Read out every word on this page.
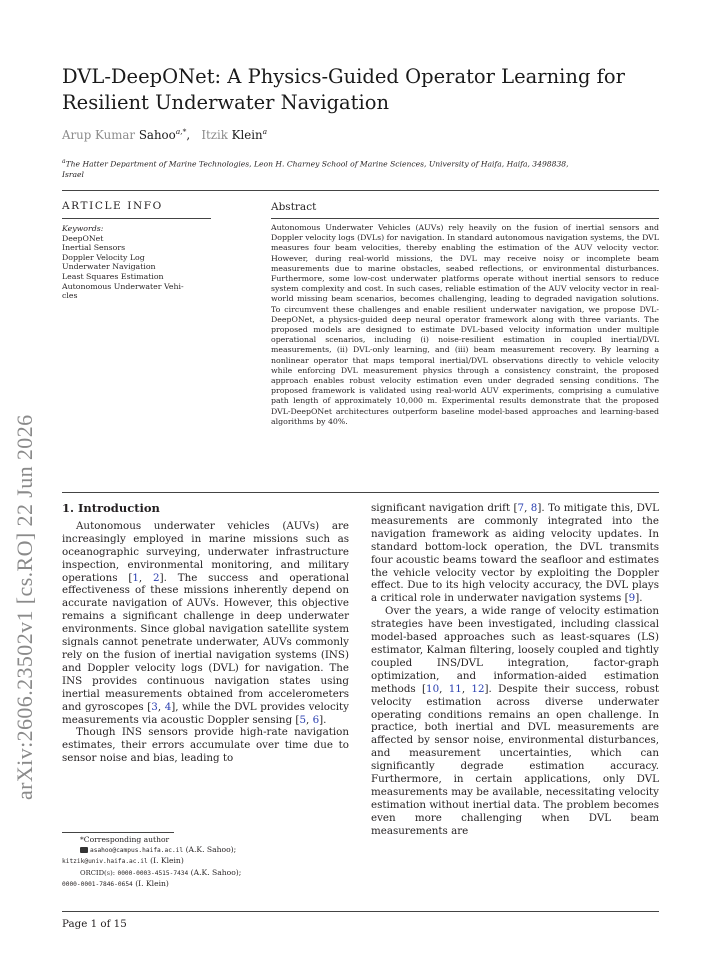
arXiv:2606.23502v1 [cs.RO] 22 Jun 2026
DVL-DeepONet: A Physics-Guided Operator Learning for Resilient Underwater Navigation
Arup Kumar Sahoo$^{a,*}$,   Itzik Klein$^a$
$^a$The Hatter Department of Marine Technologies, Leon H. Charney School of Marine Sciences, University of Haifa, Haifa, 3498838, Israel
ARTICLE INFO	Abstract
Keywords:
DeepONet
Inertial Sensors
Doppler Velocity Log
Underwater Navigation
Least Squares Estimation
Autonomous Underwater Vehi-
cles

Autonomous Underwater Vehicles (AUVs) rely heavily on the fusion of inertial sensors and Doppler velocity logs (DVLs) for navigation. In standard autonomous navigation systems, the DVL measures four beam velocities, thereby enabling the estimation of the AUV velocity vector. However, during real-world missions, the DVL may receive noisy or incomplete beam measurements due to marine obstacles, seabed reflections, or environmental disturbances. Furthermore, some low-cost underwater platforms operate without inertial sensors to reduce system complexity and cost. In such cases, reliable estimation of the AUV velocity vector in real-world missing beam scenarios, becomes challenging, leading to degraded navigation solutions. To circumvent these challenges and enable resilient underwater navigation, we propose DVL-DeepONet, a physics-guided deep neural operator framework along with three variants. The proposed models are designed to estimate DVL-based velocity information under multiple operational scenarios, including (i) noise-resilient estimation in coupled inertial/DVL measurements, (ii) DVL-only learning, and (iii) beam measurement recovery. By learning a nonlinear operator that maps temporal inertial/DVL observations directly to vehicle velocity while enforcing DVL measurement physics through a consistency constraint, the proposed approach enables robust velocity estimation even under degraded sensing conditions. The proposed framework is validated using real-world AUV experiments, comprising a cumulative path length of approximately 10,000 m. Experimental results demonstrate that the proposed DVL-DeepONet architectures outperform baseline model-based approaches and learning-based algorithms by 40%.

1. Introduction

Autonomous underwater vehicles (AUVs) are increasingly employed in marine missions such as oceanographic surveying, underwater infrastructure inspection, environmental monitoring, and military operations [1, 2]. The success and operational effectiveness of these missions inherently depend on accurate navigation of AUVs. However, this objective remains a significant challenge in deep underwater environments. Since global navigation satellite system signals cannot penetrate underwater, AUVs commonly rely on the fusion of inertial navigation systems (INS) and Doppler velocity logs (DVL) for navigation. The INS provides continuous navigation states using inertial measurements obtained from accelerometers and gyroscopes [3, 4], while the DVL provides velocity measurements via acoustic Doppler sensing [5, 6].

Though INS sensors provide high-rate navigation estimates, their errors accumulate over time due to sensor noise and bias, leading to

*Corresponding author
asahoo@campus.haifa.ac.il (A.K. Sahoo);
kitzik@univ.haifa.ac.il (I. Klein)
ORCID(s): 0000-0003-4515-7434 (A.K. Sahoo);
0000-0001-7846-0654 (I. Klein)

significant navigation drift [7, 8]. To mitigate this, DVL measurements are commonly integrated into the navigation framework as aiding velocity updates. In standard bottom-lock operation, the DVL transmits four acoustic beams toward the seafloor and estimates the vehicle velocity vector by exploiting the Doppler effect. Due to its high velocity accuracy, the DVL plays a critical role in underwater navigation systems [9].

Over the years, a wide range of velocity estimation strategies have been investigated, including classical model-based approaches such as least-squares (LS) estimator, Kalman filtering, loosely coupled and tightly coupled INS/DVL integration, factor-graph optimization, and information-aided estimation methods [10, 11, 12]. Despite their success, robust velocity estimation across diverse underwater operating conditions remains an open challenge. In practice, both inertial and DVL measurements are affected by sensor noise, environmental disturbances, and measurement uncertainties, which can significantly degrade estimation accuracy. Furthermore, in certain applications, only DVL measurements may be available, necessitating velocity estimation without inertial data. The problem becomes even more challenging when DVL beam measurements are

Page 1 of 15
